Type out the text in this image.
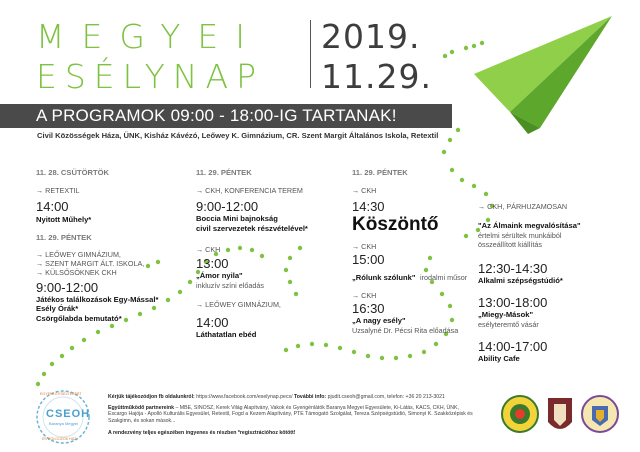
MEGYEI
ESÉLYNAP
2019.
11.29.
A PROGRAMOK 09:00 - 18:00-IG TARTANAK!
Civil Közösségek Háza, ÜNK, Kisház Kávézó, Leőwey K. Gimnázium, CR. Szent Margit Általános Iskola, Retextil
11. 28. CSÜTÖRTÖK
→ RETEXTIL
14:00
Nyitott Műhely*
11. 29. PÉNTEK
→ LEŐWEY GIMNÁZIUM,
→ SZENT MARGIT ÁLT. ISKOLA,
→ KÜLSŐSÖKNEK CKH
9:00-12:00
Játékos találkozások Egy-Mással*
Esély Órák*
Csörgőlabda bemutató*
11. 29. PÉNTEK
→ CKH, KONFERENCIA TEREM
9:00-12:00
Boccia Mini bajnokság
civil szervezetek részvételével*
→ CKH
13:00
„Ámor nyila"
inkluzív színi előadás
→ LEŐWEY GIMNÁZIUM,
14:00
Láthatatlan ebéd
11. 29. PÉNTEK
→ CKH
14:30
Köszöntő
→ CKH
15:00
„Rólunk szólunk" irodalmi műsor
→ CKH
16:30
„A nagy esély"
Uzsalyné Dr. Pécsi Rita előadása
→ CKH, PÁRHUZAMOSAN
"Az Álmaink megvalósítása"
értelmi sérültek munkáiból
összeállított kiállítás
12:30-14:30
Alkalmi szépségstúdió*
13:00-18:00
„Miegy-Mások"
esélyteremtő vásár
14:00-17:00
Ability Cafe
CSEOH
Baranya Megyei
EGYENLŐ ESÉLYEKÉRT
ÉS DOLGOZOK HÁZ
Kérjük tájékozódjon fb oldalunkról: https://www.facebook.com/eselynap.pecs/ További info: pjudit.cseoh@gmail.com, telefon: +36 20 213-3021
Együttműködő partnereink – MBE, SINOSZ, Kerek Világ Alapítvány, Vakok és Gyengénlátók Baranya Megyei Egyesülete, Ki-Látás, KACS, CKH, ÜNK,
Escargo Hajója - Apolló Kulturális Egyesület, Retextil, Fogd a Kezem Alapítvány, PTE Támogató Szolgálat, Tereza Szépségstúdió, Simonyi K. Szakközépisk és
Szakgimn, és sokan mások...
A rendezvény teljes egészében ingyenes és részben *regisztrációhoz kötött!
